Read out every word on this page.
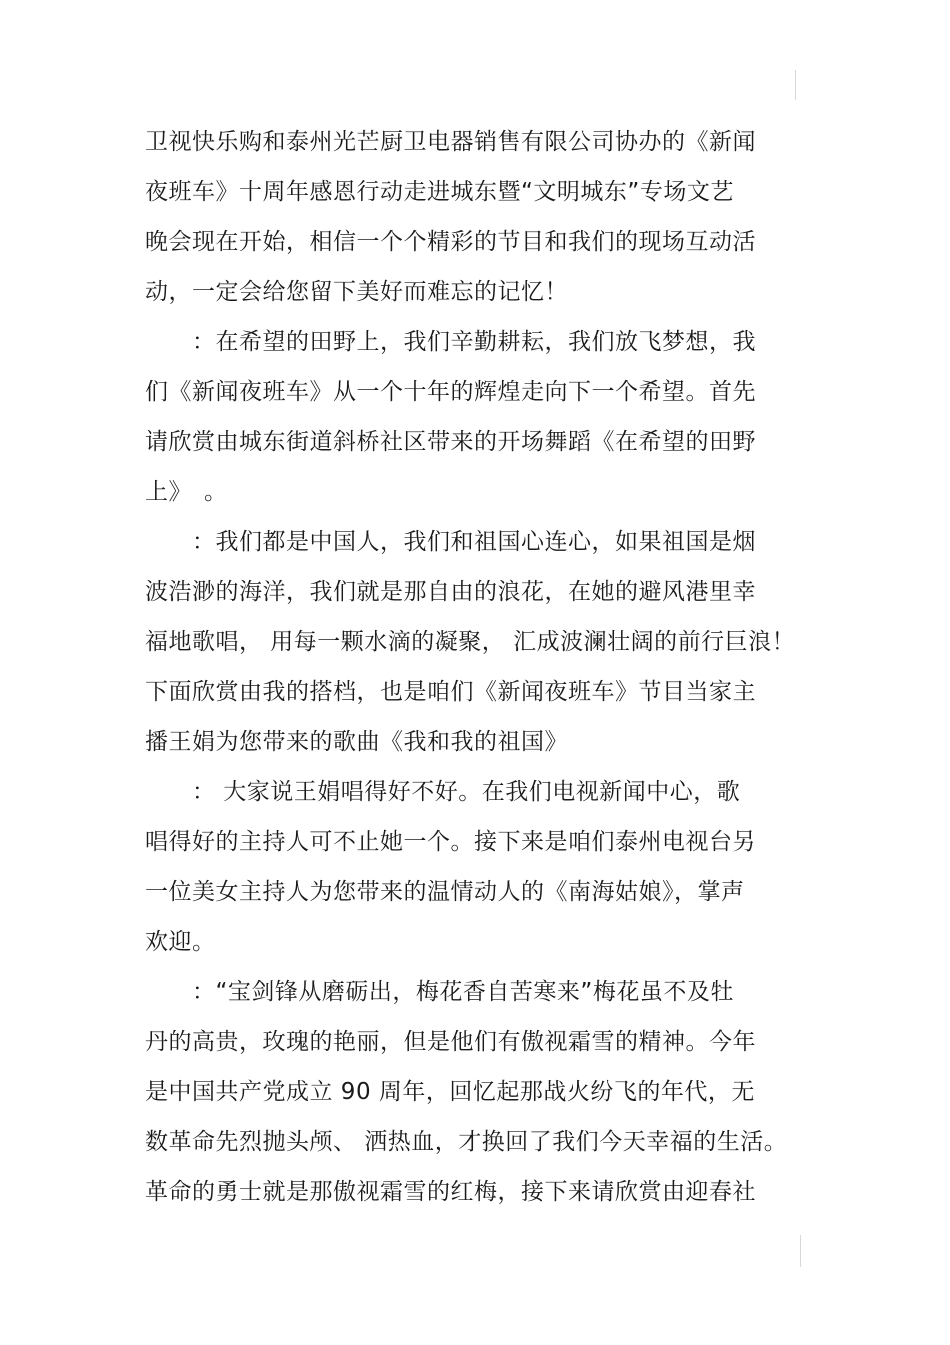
卫视快乐购和泰州光芒厨卫电器销售有限公司协办的《新闻
夜班车》十周年感恩行动走进城东暨“文明城东”专场文艺
晚会现在开始，相信一个个精彩的节目和我们的现场互动活
动，一定会给您留下美好而难忘的记忆！
　　：在希望的田野上，我们辛勤耕耘，我们放飞梦想，我
们《新闻夜班车》从一个十年的辉煌走向下一个希望。首先
请欣赏由城东街道斜桥社区带来的开场舞蹈《在希望的田野
上》　。
　　：我们都是中国人，我们和祖国心连心，如果祖国是烟
波浩渺的海洋，我们就是那自由的浪花，在她的避风港里幸
福地歌唱， 用每一颗水滴的凝聚， 汇成波澜壮阔的前行巨浪！
下面欣赏由我的搭档，也是咱们《新闻夜班车》节目当家主
播王娟为您带来的歌曲《我和我的祖国》
　　： 大家说王娟唱得好不好。在我们电视新闻中心，歌
唱得好的主持人可不止她一个。接下来是咱们泰州电视台另
一位美女主持人为您带来的温情动人的《南海姑娘》，掌声
欢迎。
　　：“宝剑锋从磨砺出，梅花香自苦寒来”梅花虽不及牡
丹的高贵，玫瑰的艳丽，但是他们有傲视霜雪的精神。今年
是中国共产党成立 90 周年，回忆起那战火纷飞的年代，无
数革命先烈抛头颅、 洒热血，才换回了我们今天幸福的生活。
革命的勇士就是那傲视霜雪的红梅，接下来请欣赏由迎春社
